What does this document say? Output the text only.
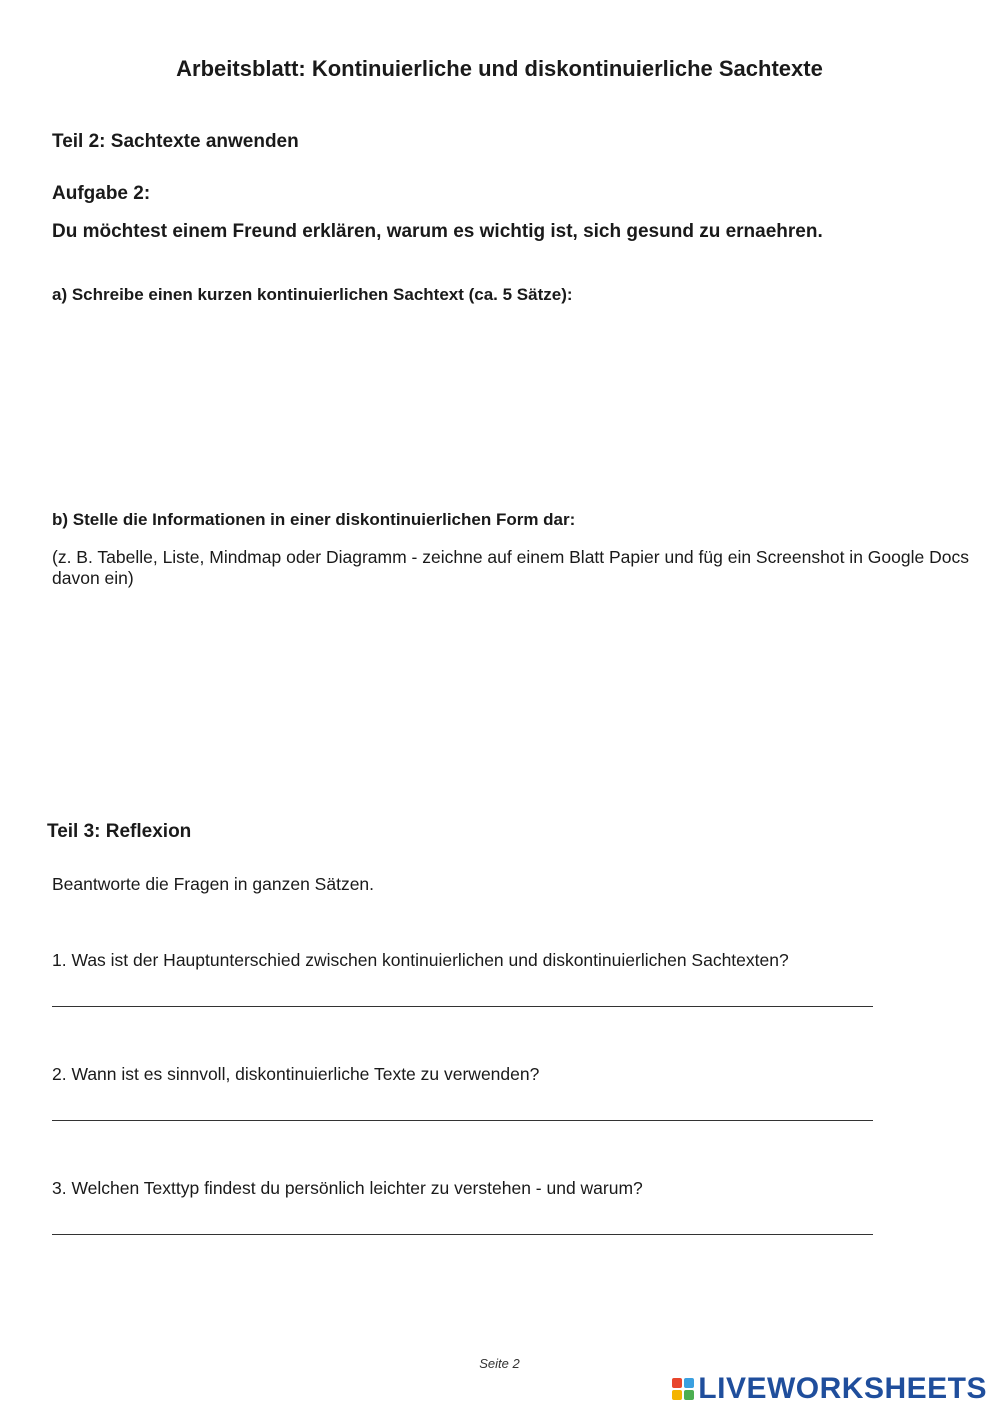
Arbeitsblatt: Kontinuierliche und diskontinuierliche Sachtexte
Teil 2: Sachtexte anwenden
Aufgabe 2:
Du möchtest einem Freund erklären, warum es wichtig ist, sich gesund zu ernaehren.
a) Schreibe einen kurzen kontinuierlichen Sachtext (ca. 5 Sätze):
b) Stelle die Informationen in einer diskontinuierlichen Form dar:
(z. B. Tabelle, Liste, Mindmap oder Diagramm - zeichne auf einem Blatt Papier und füg ein Screenshot in Google Docs davon ein)
Teil 3: Reflexion
Beantworte die Fragen in ganzen Sätzen.
1. Was ist der Hauptunterschied zwischen kontinuierlichen und diskontinuierlichen Sachtexten?
2. Wann ist es sinnvoll, diskontinuierliche Texte zu verwenden?
3. Welchen Texttyp findest du persönlich leichter zu verstehen - und warum?
Seite 2
LIVEWORKSHEETS
